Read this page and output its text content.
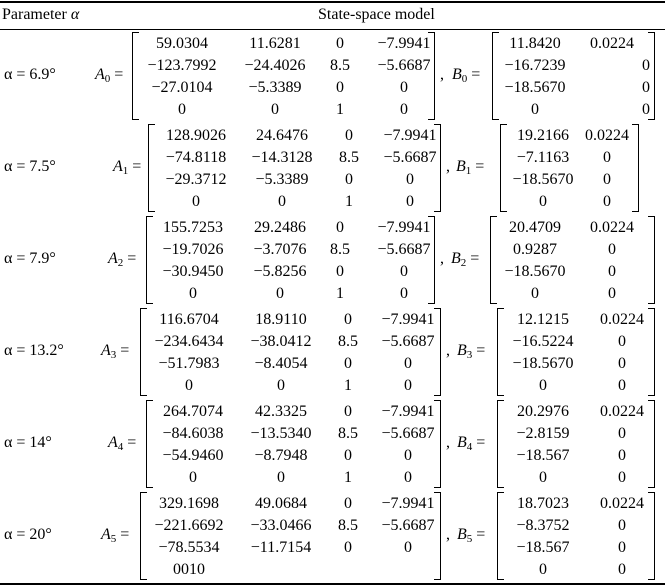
Parameter α	State-space model
α = 6.9° $A_0$ =
59.0304	11.6281	0	−7.9941
−123.7992	−24.4026	8.5	−5.6687
−27.0104	−5.3389	0	0
0	0	1	0
, $B_0$ =
11.8420	0.0224
−16.7239	0
−18.5670	0
0	0
α = 7.5°	$A_1$ =
128.9026	24.6476	0	−7.9941
−74.8118	−14.3128	8.5	−5.6687
−29.3712	−5.3389	0	0
0	0	1	0
, $B_1$ =
19.2166	0.0224
−7.1163	0
−18.5670	0
0	0
α = 7.9°	$A_2$ =
155.7253	29.2486	0	−7.9941
−19.7026	−3.7076	8.5	−5.6687
−30.9450	−5.8256	0	0
0	0	1	0
, $B_2$ =
20.4709	0.0224
0.9287	0
−18.5670	0
0	0
α = 13.2° $A_3$ =
116.6704	18.9110	0	−7.9941
−234.6434	−38.0412	8.5	−5.6687
−51.7983	−8.4054	0	0
0	0	1	0
, $B_3$ =
12.1215	0.0224
−16.5224	0
−18.5670	0
0	0
α = 14°	$A_4$ =
264.7074	42.3325	0	−7.9941
−84.6038	−13.5340	8.5	−5.6687
−54.9460	−8.7948	0	0
0	0	1	0
, $B_4$ =
20.2976	0.0224
−2.8159	0
−18.567	0
0	0
α = 20°	$A_5$ =
329.1698	49.0684	0	−7.9941
−221.6692	−33.0466	8.5	−5.6687
−78.5534	−11.7154	0	0
0010
, $B_5$ =
18.7023	0.0224
−8.3752	0
−18.567	0
0	0
